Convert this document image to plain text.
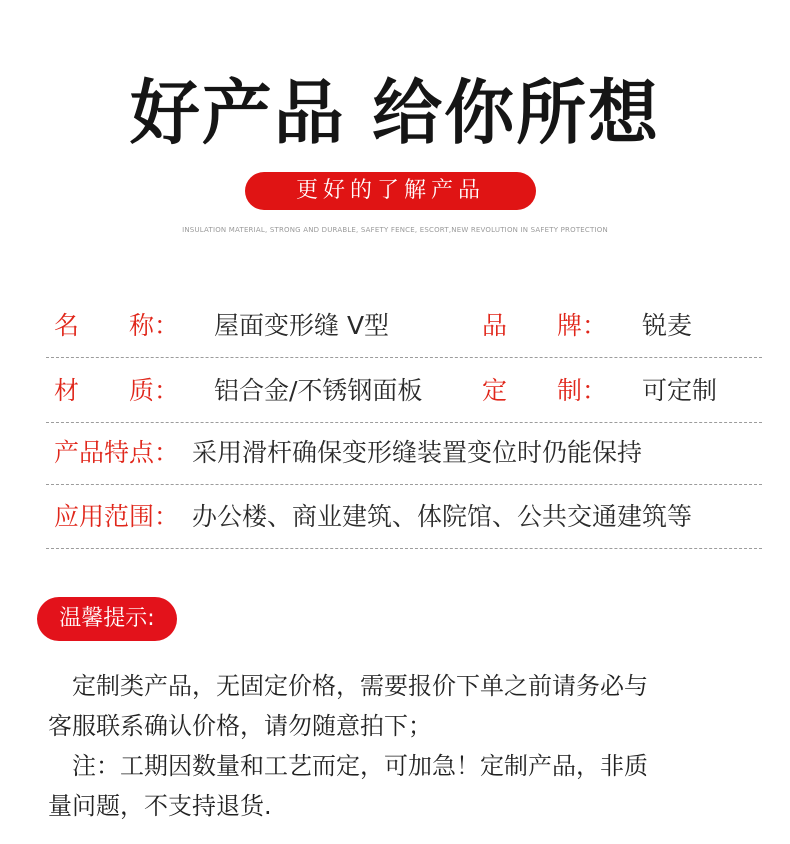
好产品 给你所想
更好的了解产品
INSULATION MATERIAL, STRONG AND DURABLE, SAFETY FENCE, ESCORT,NEW REVOLUTION IN SAFETY PROTECTION
名　　称： 屋面变形缝 V型	品　　牌： 锐麦
材　　质： 铝合金/不锈钢面板 定　　制： 可定制
产品特点： 采用滑杆确保变形缝装置变位时仍能保持
应用范围： 办公楼、商业建筑、体院馆、公共交通建筑等
温馨提示:
　定制类产品，无固定价格，需要报价下单之前请务必与
客服联系确认价格，请勿随意拍下；
　注：工期因数量和工艺而定，可加急！定制产品，非质
量问题，不支持退货.
